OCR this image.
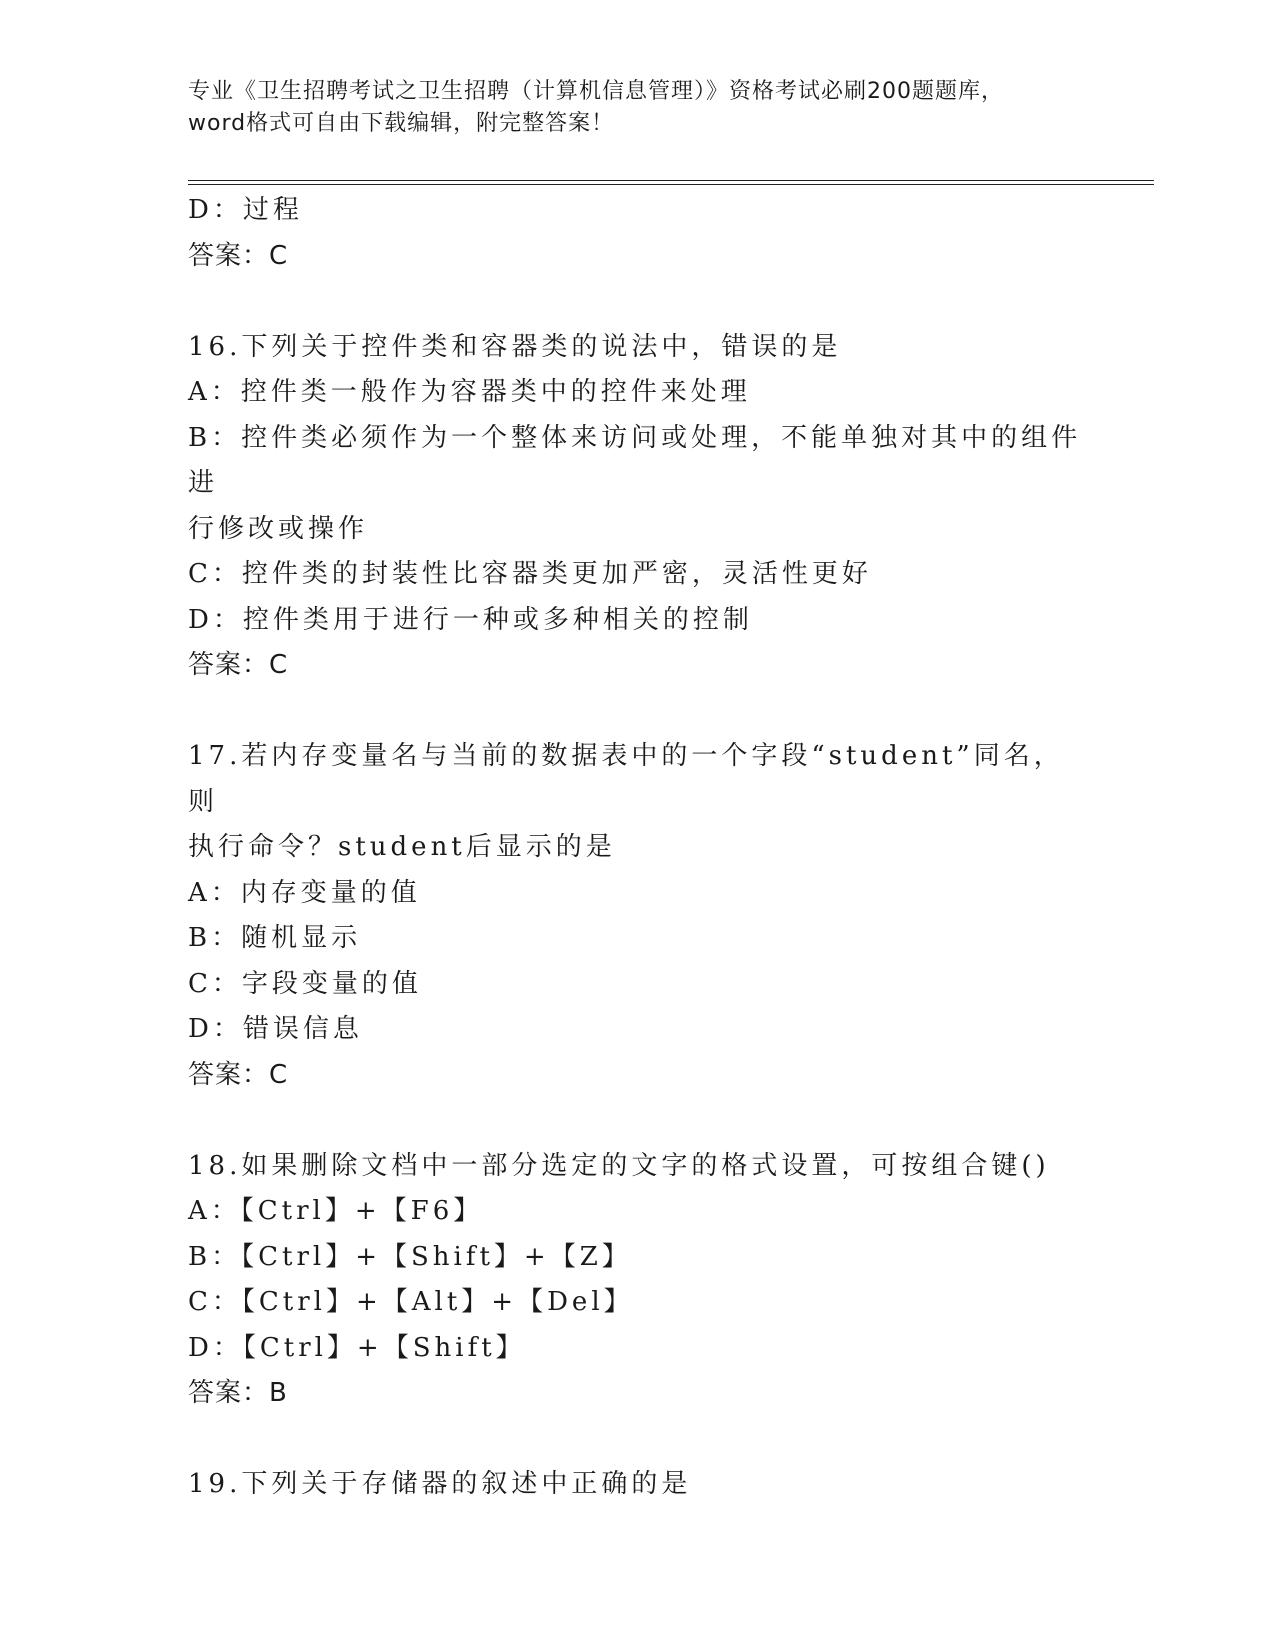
专业《卫生招聘考试之卫生招聘（计算机信息管理）》资格考试必刷200题题库，
word格式可自由下载编辑，附完整答案！
D：过程
答案：C
16.下列关于控件类和容器类的说法中，错误的是
A：控件类一般作为容器类中的控件来处理
B：控件类必须作为一个整体来访问或处理，不能单独对其中的组件进
行修改或操作
C：控件类的封装性比容器类更加严密，灵活性更好
D：控件类用于进行一种或多种相关的控制
答案：C
17.若内存变量名与当前的数据表中的一个字段“student”同名，则
执行命令？student后显示的是
A：内存变量的值
B：随机显示
C：字段变量的值
D：错误信息
答案：C
18.如果删除文档中一部分选定的文字的格式设置，可按组合键()
A：【Ctrl】+【F6】
B：【Ctrl】+【Shift】+【Z】
C：【Ctrl】+【Alt】+【Del】
D：【Ctrl】+【Shift】
答案：B
19.下列关于存储器的叙述中正确的是
